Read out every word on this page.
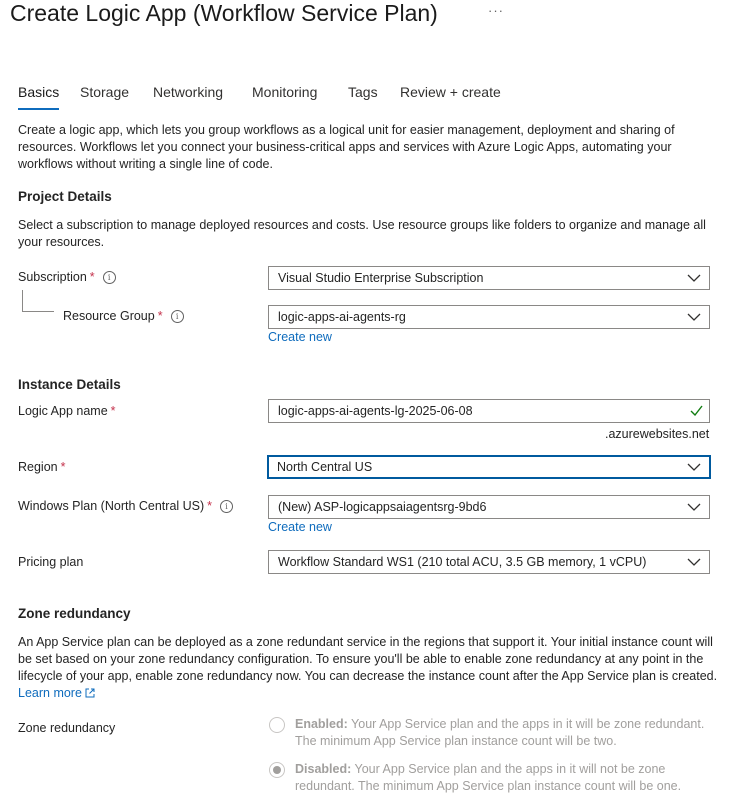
Create Logic App (Workflow Service Plan)	···
Basics Storage Networking Monitoring Tags Review + create
Create a logic app, which lets you group workflows as a logical unit for easier management, deployment and sharing of resources. Workflows let you connect your business-critical apps and services with Azure Logic Apps, automating your workflows without writing a single line of code.
Project Details
Select a subscription to manage deployed resources and costs. Use resource groups like folders to organize and manage all your resources.
Subscription * i	Visual Studio Enterprise Subscription
Resource Group * i	logic-apps-ai-agents-rg
Create new
Instance Details
Logic App name *	logic-apps-ai-agents-lg-2025-06-08
.azurewebsites.net
Region *	North Central US
Windows Plan (North Central US) * i	(New) ASP-logicappsaiagentsrg-9bd6
Create new
Pricing plan	Workflow Standard WS1 (210 total ACU, 3.5 GB memory, 1 vCPU)
Zone redundancy
An App Service plan can be deployed as a zone redundant service in the regions that support it. Your initial instance count will be set based on your zone redundancy configuration. To ensure you'll be able to enable zone redundancy at any point in the lifecycle of your app, enable zone redundancy now. You can decrease the instance count after the App Service plan is created. Learn more
Zone redundancy	Enabled: Your App Service plan and the apps in it will be zone redundant. The minimum App Service plan instance count will be two.
Disabled: Your App Service plan and the apps in it will not be zone redundant. The minimum App Service plan instance count will be one.
